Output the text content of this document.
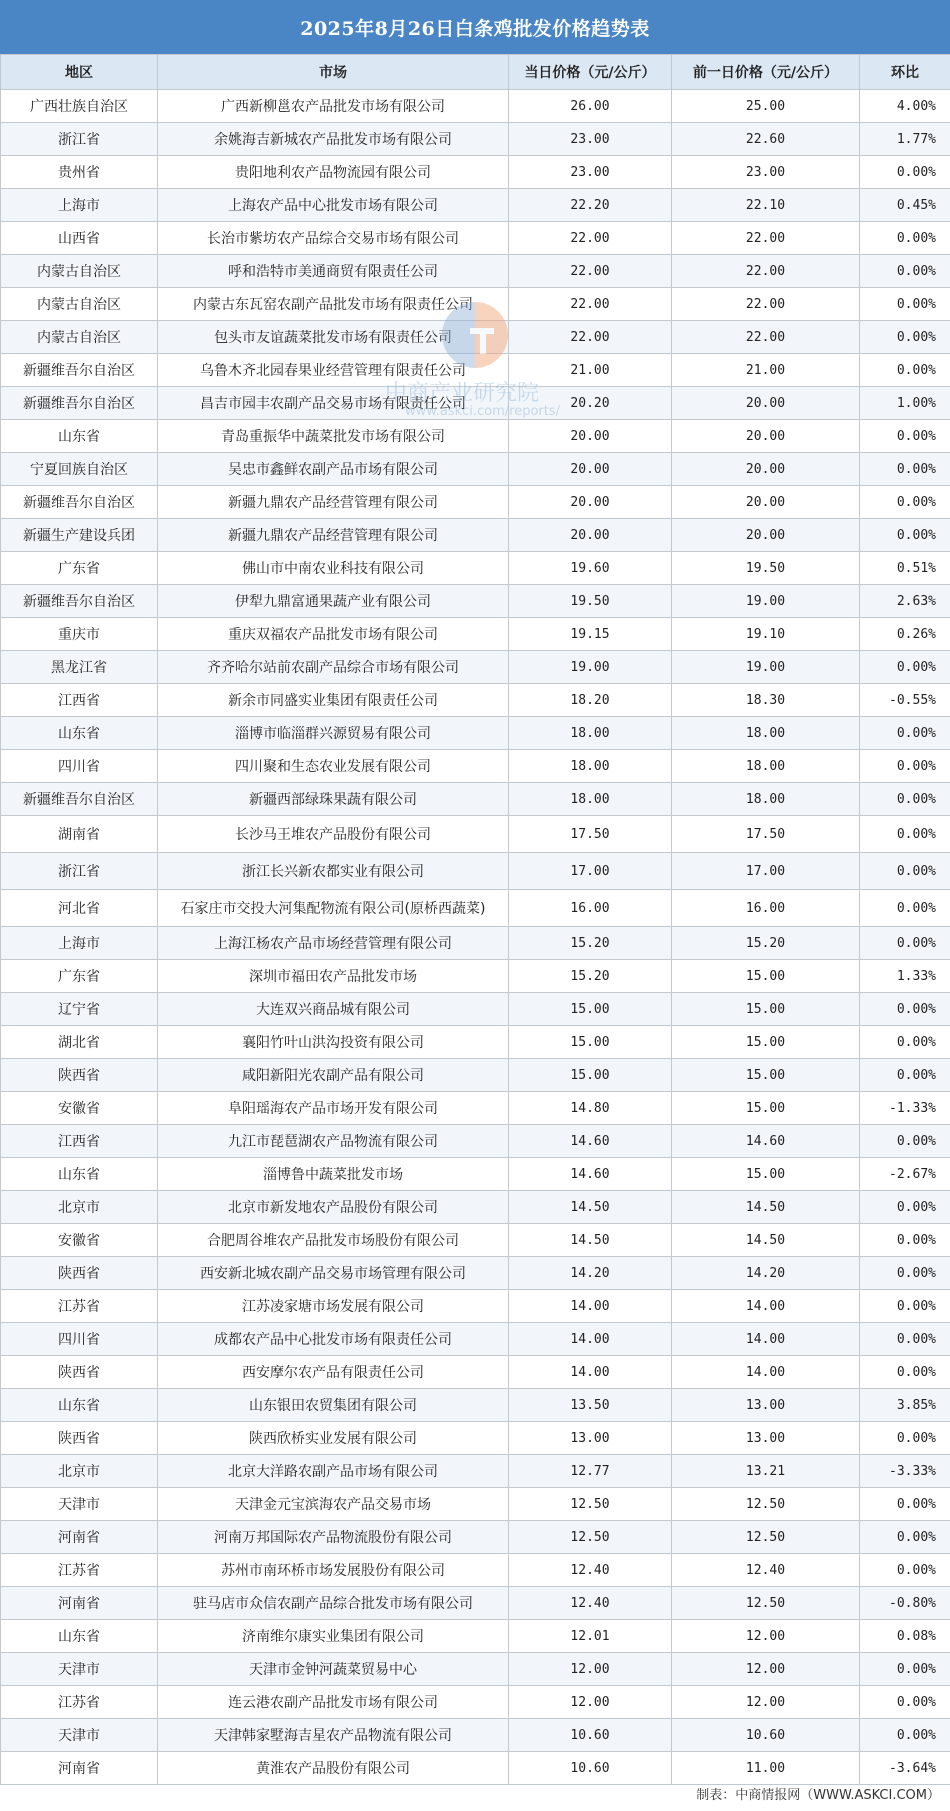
2025年8月26日白条鸡批发价格趋势表
地区	市场	当日价格（元/公斤）	前一日价格（元/公斤）	环比
广西壮族自治区	广西新柳邕农产品批发市场有限公司	26.00	25.00	4.00%
浙江省	余姚海吉新城农产品批发市场有限公司	23.00	22.60	1.77%
贵州省	贵阳地利农产品物流园有限公司	23.00	23.00	0.00%
上海市	上海农产品中心批发市场有限公司	22.20	22.10	0.45%
山西省	长治市紫坊农产品综合交易市场有限公司	22.00	22.00	0.00%
内蒙古自治区	呼和浩特市美通商贸有限责任公司	22.00	22.00	0.00%
内蒙古自治区	内蒙古东瓦窑农副产品批发市场有限责任公司	22.00	22.00	0.00%
内蒙古自治区	包头市友谊蔬菜批发市场有限责任公司	22.00	22.00	0.00%
新疆维吾尔自治区	乌鲁木齐北园春果业经营管理有限责任公司	21.00	21.00	0.00%
新疆维吾尔自治区	昌吉市园丰农副产品交易市场有限责任公司	20.20	20.00	1.00%
山东省	青岛重振华中蔬菜批发市场有限公司	20.00	20.00	0.00%
宁夏回族自治区	吴忠市鑫鲜农副产品市场有限公司	20.00	20.00	0.00%
新疆维吾尔自治区	新疆九鼎农产品经营管理有限公司	20.00	20.00	0.00%
新疆生产建设兵团	新疆九鼎农产品经营管理有限公司	20.00	20.00	0.00%
广东省	佛山市中南农业科技有限公司	19.60	19.50	0.51%
新疆维吾尔自治区	伊犁九鼎富通果蔬产业有限公司	19.50	19.00	2.63%
重庆市	重庆双福农产品批发市场有限公司	19.15	19.10	0.26%
黑龙江省	齐齐哈尔站前农副产品综合市场有限公司	19.00	19.00	0.00%
江西省	新余市同盛实业集团有限责任公司	18.20	18.30	-0.55%
山东省	淄博市临淄群兴源贸易有限公司	18.00	18.00	0.00%
四川省	四川聚和生态农业发展有限公司	18.00	18.00	0.00%
新疆维吾尔自治区	新疆西部绿珠果蔬有限公司	18.00	18.00	0.00%
湖南省	长沙马王堆农产品股份有限公司	17.50	17.50	0.00%
浙江省	浙江长兴新农都实业有限公司	17.00	17.00	0.00%
河北省	石家庄市交投大河集配物流有限公司(原桥西蔬菜)	16.00	16.00	0.00%
上海市	上海江杨农产品市场经营管理有限公司	15.20	15.20	0.00%
广东省	深圳市福田农产品批发市场	15.20	15.00	1.33%
辽宁省	大连双兴商品城有限公司	15.00	15.00	0.00%
湖北省	襄阳竹叶山洪沟投资有限公司	15.00	15.00	0.00%
陕西省	咸阳新阳光农副产品有限公司	15.00	15.00	0.00%
安徽省	阜阳瑶海农产品市场开发有限公司	14.80	15.00	-1.33%
江西省	九江市琵琶湖农产品物流有限公司	14.60	14.60	0.00%
山东省	淄博鲁中蔬菜批发市场	14.60	15.00	-2.67%
北京市	北京市新发地农产品股份有限公司	14.50	14.50	0.00%
安徽省	合肥周谷堆农产品批发市场股份有限公司	14.50	14.50	0.00%
陕西省	西安新北城农副产品交易市场管理有限公司	14.20	14.20	0.00%
江苏省	江苏凌家塘市场发展有限公司	14.00	14.00	0.00%
四川省	成都农产品中心批发市场有限责任公司	14.00	14.00	0.00%
陕西省	西安摩尔农产品有限责任公司	14.00	14.00	0.00%
山东省	山东银田农贸集团有限公司	13.50	13.00	3.85%
陕西省	陕西欣桥实业发展有限公司	13.00	13.00	0.00%
北京市	北京大洋路农副产品市场有限公司	12.77	13.21	-3.33%
天津市	天津金元宝滨海农产品交易市场	12.50	12.50	0.00%
河南省	河南万邦国际农产品物流股份有限公司	12.50	12.50	0.00%
江苏省	苏州市南环桥市场发展股份有限公司	12.40	12.40	0.00%
河南省	驻马店市众信农副产品综合批发市场有限公司	12.40	12.50	-0.80%
山东省	济南维尔康实业集团有限公司	12.01	12.00	0.08%
天津市	天津市金钟河蔬菜贸易中心	12.00	12.00	0.00%
江苏省	连云港农副产品批发市场有限公司	12.00	12.00	0.00%
天津市	天津韩家墅海吉星农产品物流有限公司	10.60	10.60	0.00%
河南省	黄淮农产品股份有限公司	10.60	11.00	-3.64%
中商产业研究院
www.askci.com/reports/
制表：中商情报网（WWW.ASKCI.COM）
